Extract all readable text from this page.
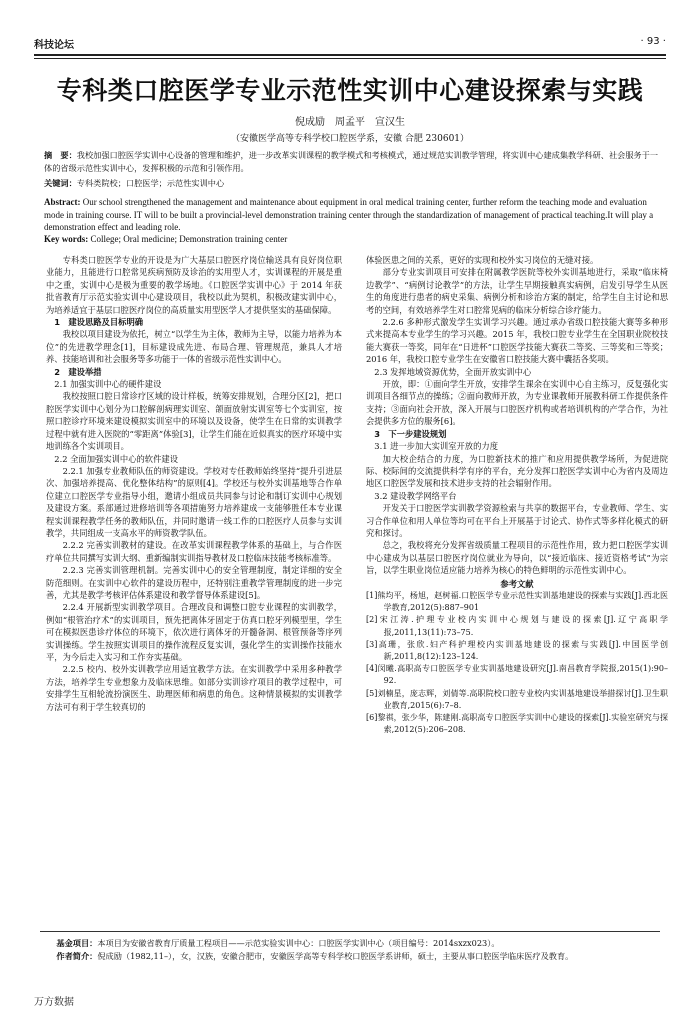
科技论坛	· 93 ·
专科类口腔医学专业示范性实训中心建设探索与实践
倪成励　周孟平　宣汉生
（安徽医学高等专科学校口腔医学系，安徽 合肥 230601）
摘　要：我校加强口腔医学实训中心设备的管理和维护，进一步改革实训课程的教学模式和考核模式，通过规范实训教学管理，将实训中心建成集教学科研、社会服务于一体的省级示范性实训中心，发挥积极的示范和引领作用。
关键词：专科类院校；口腔医学；示范性实训中心
Abstract: Our school strengthened the management and maintenance about equipment in oral medical training center, further reform the teaching mode and evaluation mode in training course. IT will to be built a provincial-level demonstration training center through the standardization of management of practical teaching.It will play a demonstration effect and leading role.
Key words: College; Oral medicine; Demonstration training center

专科类口腔医学专业的开设是为广大基层口腔医疗岗位输送具有良好岗位职业能力，且能进行口腔常见疾病预防及诊治的实用型人才，实训课程的开展是重中之重，实训中心是极为重要的教学场地。《口腔医学实训中心》于 2014 年获批省教育厅示范实验实训中心建设项目，我校以此为契机，积极改建实训中心，为培养适宜于基层口腔医疗岗位的高质量实用型医学人才提供坚实的基础保障。

1　建设思路及目标明确

我校以项目建设为依托，树立“以学生为主体，教师为主导，以能力培养为本位”的先进教学理念[1]，目标建设成先进、布局合理、管理规范，兼具人才培养、技能培训和社会服务等多功能于一体的省级示范性实训中心。

2　建设举措

2.1 加强实训中心的硬件建设

我校按照口腔日常诊疗区域的设计样板，统筹安排规划，合理分区[2]，把口腔医学实训中心划分为口腔解剖病理实训室、颌面放射实训室等七个实训室，按照口腔诊疗环境来建设模拟实训室中的环境以及设备，使学生在日常的实训教学过程中就有进入医院的“零距离”体验[3]，让学生们能在近似真实的医疗环境中实地训练各个实训项目。

2.2 全面加强实训中心的软件建设

2.2.1 加强专业教师队伍的师资建设。学校对专任教师始终坚持“提升引进层次、加强培养提高、优化整体结构”的原则[4]。学校还与校外实训基地等合作单位建立口腔医学专业指导小组，邀请小组成员共同参与讨论和制订实训中心规划及建设方案。系部通过进修培训等各项措施努力培养建成一支能够胜任本专业课程实训课程教学任务的教师队伍，并同时邀请一线工作的口腔医疗人员参与实训教学，共同组成一支高水平的师资教学队伍。

2.2.2 完善实训教材的建设。在改革实训课程教学体系的基础上，与合作医疗单位共同撰写实训大纲、重新编制实训指导教材及口腔临床技能考核标准等。

2.2.3 完善实训管理机制。完善实训中心的安全管理制度，制定详细的安全防范细则。在实训中心软件的建设历程中，还特别注重教学管理制度的进一步完善，尤其是教学考核评估体系建设和教学督导体系建设[5]。

2.2.4 开展新型实训教学项目。合理改良和调整口腔专业课程的实训教学，例如“根管治疗术”的实训项目，预先把离体牙固定于仿真口腔牙列模型里，学生可在模拟医患诊疗体位的环境下，依次进行离体牙的开髓备洞、根管预备等序列实训操练。学生按照实训项目的操作流程反复实训，强化学生的实训操作技能水平，为今后走入实习和工作夯实基础。

2.2.5 校内、校外实训教学应用适宜教学方法。在实训教学中采用多种教学方法，培养学生专业想象力及临床思维。如部分实训诊疗项目的教学过程中，可安排学生互相轮流扮演医生、助理医师和病患的角色。这种情景模拟的实训教学方法可有利于学生较真切的

体验医患之间的关系，更好的实现和校外实习岗位的无缝对接。

部分专业实训项目可安排在附属教学医院等校外实训基地进行，采取“临床椅边教学”、“病例讨论教学”的方法，让学生早期接触真实病例，启发引导学生从医生的角度进行患者的病史采集、病例分析和诊治方案的制定，给学生自主讨论和思考的空间，有效培养学生对口腔常见病的临床分析综合诊疗能力。

2.2.6 多种形式激发学生实训学习兴趣。通过承办省级口腔技能大赛等多种形式来提高本专业学生的学习兴趣。2015 年，我校口腔专业学生在全国职业院校技能大赛获一等奖，同年在“日进杯”口腔医学技能大赛获二等奖、三等奖和三等奖；2016 年，我校口腔专业学生在安徽省口腔技能大赛中囊括各奖项。

2.3 发挥地域资源优势，全面开放实训中心

开放，即：①面向学生开放，安排学生课余在实训中心自主练习，反复强化实训项目各细节点的操练；②面向教师开放，为专业课教师开展教科研工作提供条件支持；③面向社会开放，深入开展与口腔医疗机构或者培训机构的产学合作，为社会提供多方位的服务[6]。

3　下一步建设规划

3.1 进一步加大实训室开放的力度

加大校企结合的力度，为口腔新技术的推广和应用提供教学场所，为促进院际、校际间的交流提供科学有序的平台，充分发挥口腔医学实训中心为省内及周边地区口腔医学发展和技术进步支持的社会辐射作用。

3.2 建设教学网络平台

开发关于口腔医学实训教学资源检索与共享的数据平台，专业教师、学生、实习合作单位和用人单位等均可在平台上开展基于讨论式、协作式等多样化模式的研究和探讨。

总之，我校将充分发挥省级质量工程项目的示范性作用，致力把口腔医学实训中心建成为以基层口腔医疗岗位就业为导向，以“接近临床、接近资格考试”为宗旨，以学生职业岗位适应能力培养为核心的特色鲜明的示范性实训中心。

参考文献

[1]熊均平，杨旭，赵树福.口腔医学专业示范性实训基地建设的探索与实践[J].西北医学教育,2012(5):887–901

[2]宋江涛.护理专业校内实训中心规划与建设的探索[J].辽宁高职学报,2011,13(11):73–75.

[3]高珊，张欣.妇产科护理校内实训基地建设的探索与实践[J].中国医学创新,2011,8(12):123–124.

[4]闵曦.高职高专口腔医学专业实训基地建设研究[J].南昌教育学院报,2015(1):90–92.

[5]刘楠星，庞志辉，刘倩等.高职院校口腔专业校内实训基地建设举措探讨[J].卫生职业教育,2015(6):7–8.

[6]黎祺，张少华，陈建刚.高职高专口腔医学实训中心建设的探索[J].实验室研究与探索,2012(5):206–208.

基金项目：本项目为安徽省教育厅质量工程项目——示范实验实训中心：口腔医学实训中心（项目编号：2014sxzx023）。

作者简介：倪成励（1982,11–），女，汉族，安徽合肥市，安徽医学高等专科学校口腔医学系讲师，硕士，主要从事口腔医学临床医疗及教育。

万方数据
